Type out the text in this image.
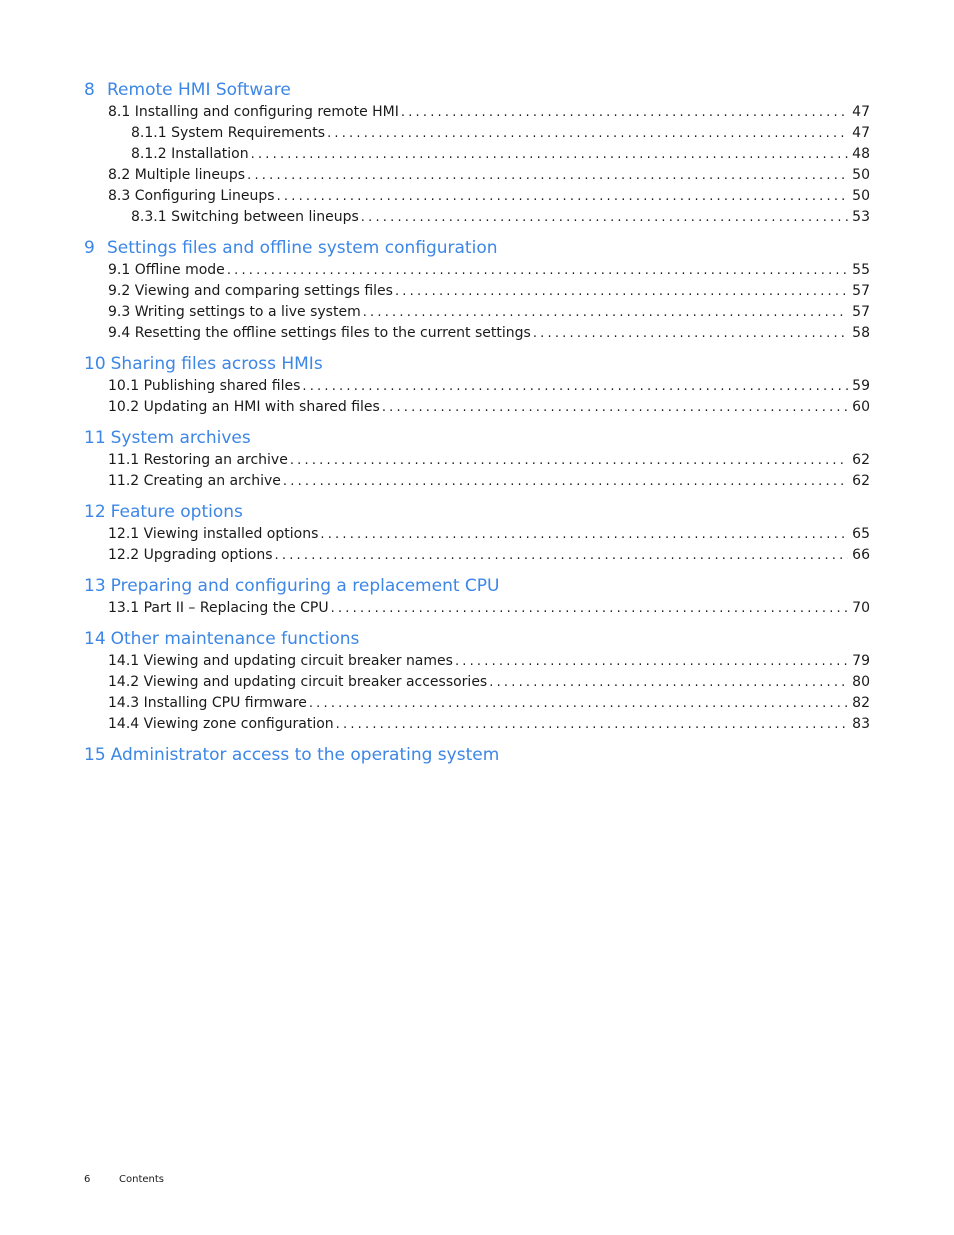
8 Remote HMI Software
8.1 Installing and configuring remote HMI .....	47
8.1.1 System Requirements .....	47
8.1.2 Installation .....	48
8.2 Multiple lineups .....	50
8.3 Configuring Lineups .....	50
8.3.1 Switching between lineups .....	53
9 Settings files and offline system configuration
9.1 Offline mode .....	55
9.2 Viewing and comparing settings files .....	57
9.3 Writing settings to a live system .....	57
9.4 Resetting the offline settings files to the current settings .....	58
10 Sharing files across HMIs
10.1 Publishing shared files .....	59
10.2 Updating an HMI with shared files .....	60
11 System archives
11.1 Restoring an archive .....	62
11.2 Creating an archive .....	62
12 Feature options
12.1 Viewing installed options .....	65
12.2 Upgrading options .....	66
13 Preparing and configuring a replacement CPU
13.1 Part II – Replacing the CPU .....	70
14 Other maintenance functions
14.1 Viewing and updating circuit breaker names .....	79
14.2 Viewing and updating circuit breaker accessories .....	80
14.3 Installing CPU firmware .....	82
14.4 Viewing zone configuration .....	83
15 Administrator access to the operating system
6	Contents
